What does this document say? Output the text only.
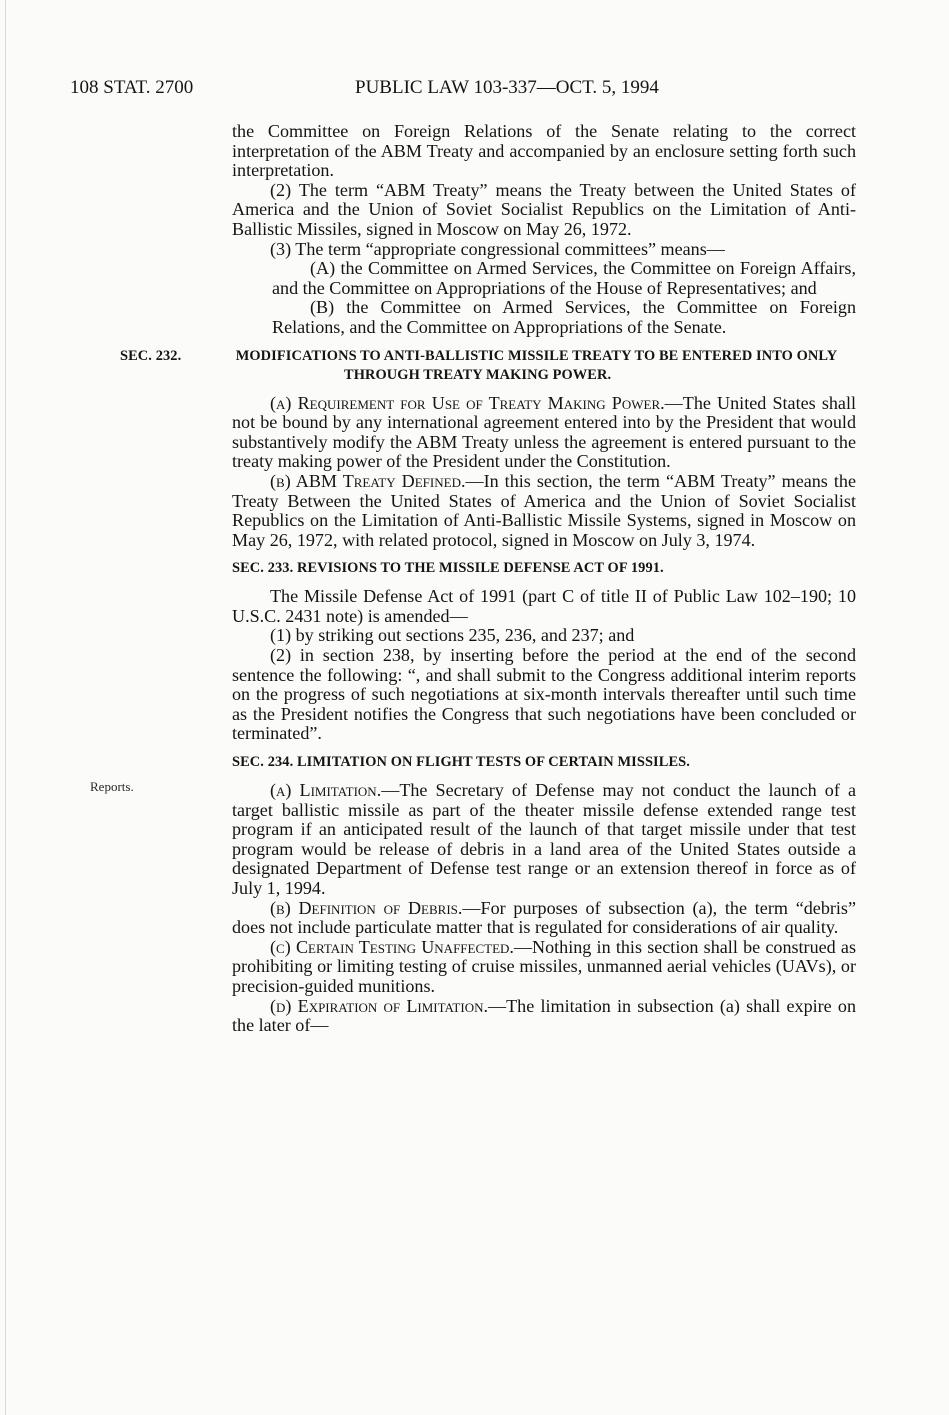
108 STAT. 2700	PUBLIC LAW 103-337—OCT. 5, 1994
Reports.

the Committee on Foreign Relations of the Senate relating to the correct interpretation of the ABM Treaty and accompanied by an enclosure setting forth such interpretation.

(2) The term “ABM Treaty” means the Treaty between the United States of America and the Union of Soviet Socialist Republics on the Limitation of Anti-Ballistic Missiles, signed in Moscow on May 26, 1972.

(3) The term “appropriate congressional committees” means—

(A) the Committee on Armed Services, the Committee on Foreign Affairs, and the Committee on Appropriations of the House of Representatives; and

(B) the Committee on Armed Services, the Committee on Foreign Relations, and the Committee on Appropriations of the Senate.

SEC. 232.	MODIFICATIONS TO ANTI-BALLISTIC MISSILE TREATY TO BE ENTERED INTO ONLY THROUGH TREATY MAKING POWER.

(a) Requirement for Use of Treaty Making Power.—The United States shall not be bound by any international agreement entered into by the President that would substantively modify the ABM Treaty unless the agreement is entered pursuant to the treaty making power of the President under the Constitution.

(b) ABM Treaty Defined.—In this section, the term “ABM Treaty” means the Treaty Between the United States of America and the Union of Soviet Socialist Republics on the Limitation of Anti-Ballistic Missile Systems, signed in Moscow on May 26, 1972, with related protocol, signed in Moscow on July 3, 1974.

SEC. 233. REVISIONS TO THE MISSILE DEFENSE ACT OF 1991.

The Missile Defense Act of 1991 (part C of title II of Public Law 102–190; 10 U.S.C. 2431 note) is amended—

(1) by striking out sections 235, 236, and 237; and

(2) in section 238, by inserting before the period at the end of the second sentence the following: “, and shall submit to the Congress additional interim reports on the progress of such negotiations at six-month intervals thereafter until such time as the President notifies the Congress that such negotiations have been concluded or terminated”.

SEC. 234. LIMITATION ON FLIGHT TESTS OF CERTAIN MISSILES.

(a) Limitation.—The Secretary of Defense may not conduct the launch of a target ballistic missile as part of the theater missile defense extended range test program if an anticipated result of the launch of that target missile under that test program would be release of debris in a land area of the United States outside a designated Department of Defense test range or an extension thereof in force as of July 1, 1994.

(b) Definition of Debris.—For purposes of subsection (a), the term “debris” does not include particulate matter that is regulated for considerations of air quality.

(c) Certain Testing Unaffected.—Nothing in this section shall be construed as prohibiting or limiting testing of cruise missiles, unmanned aerial vehicles (UAVs), or precision-guided munitions.

(d) Expiration of Limitation.—The limitation in subsection (a) shall expire on the later of—
